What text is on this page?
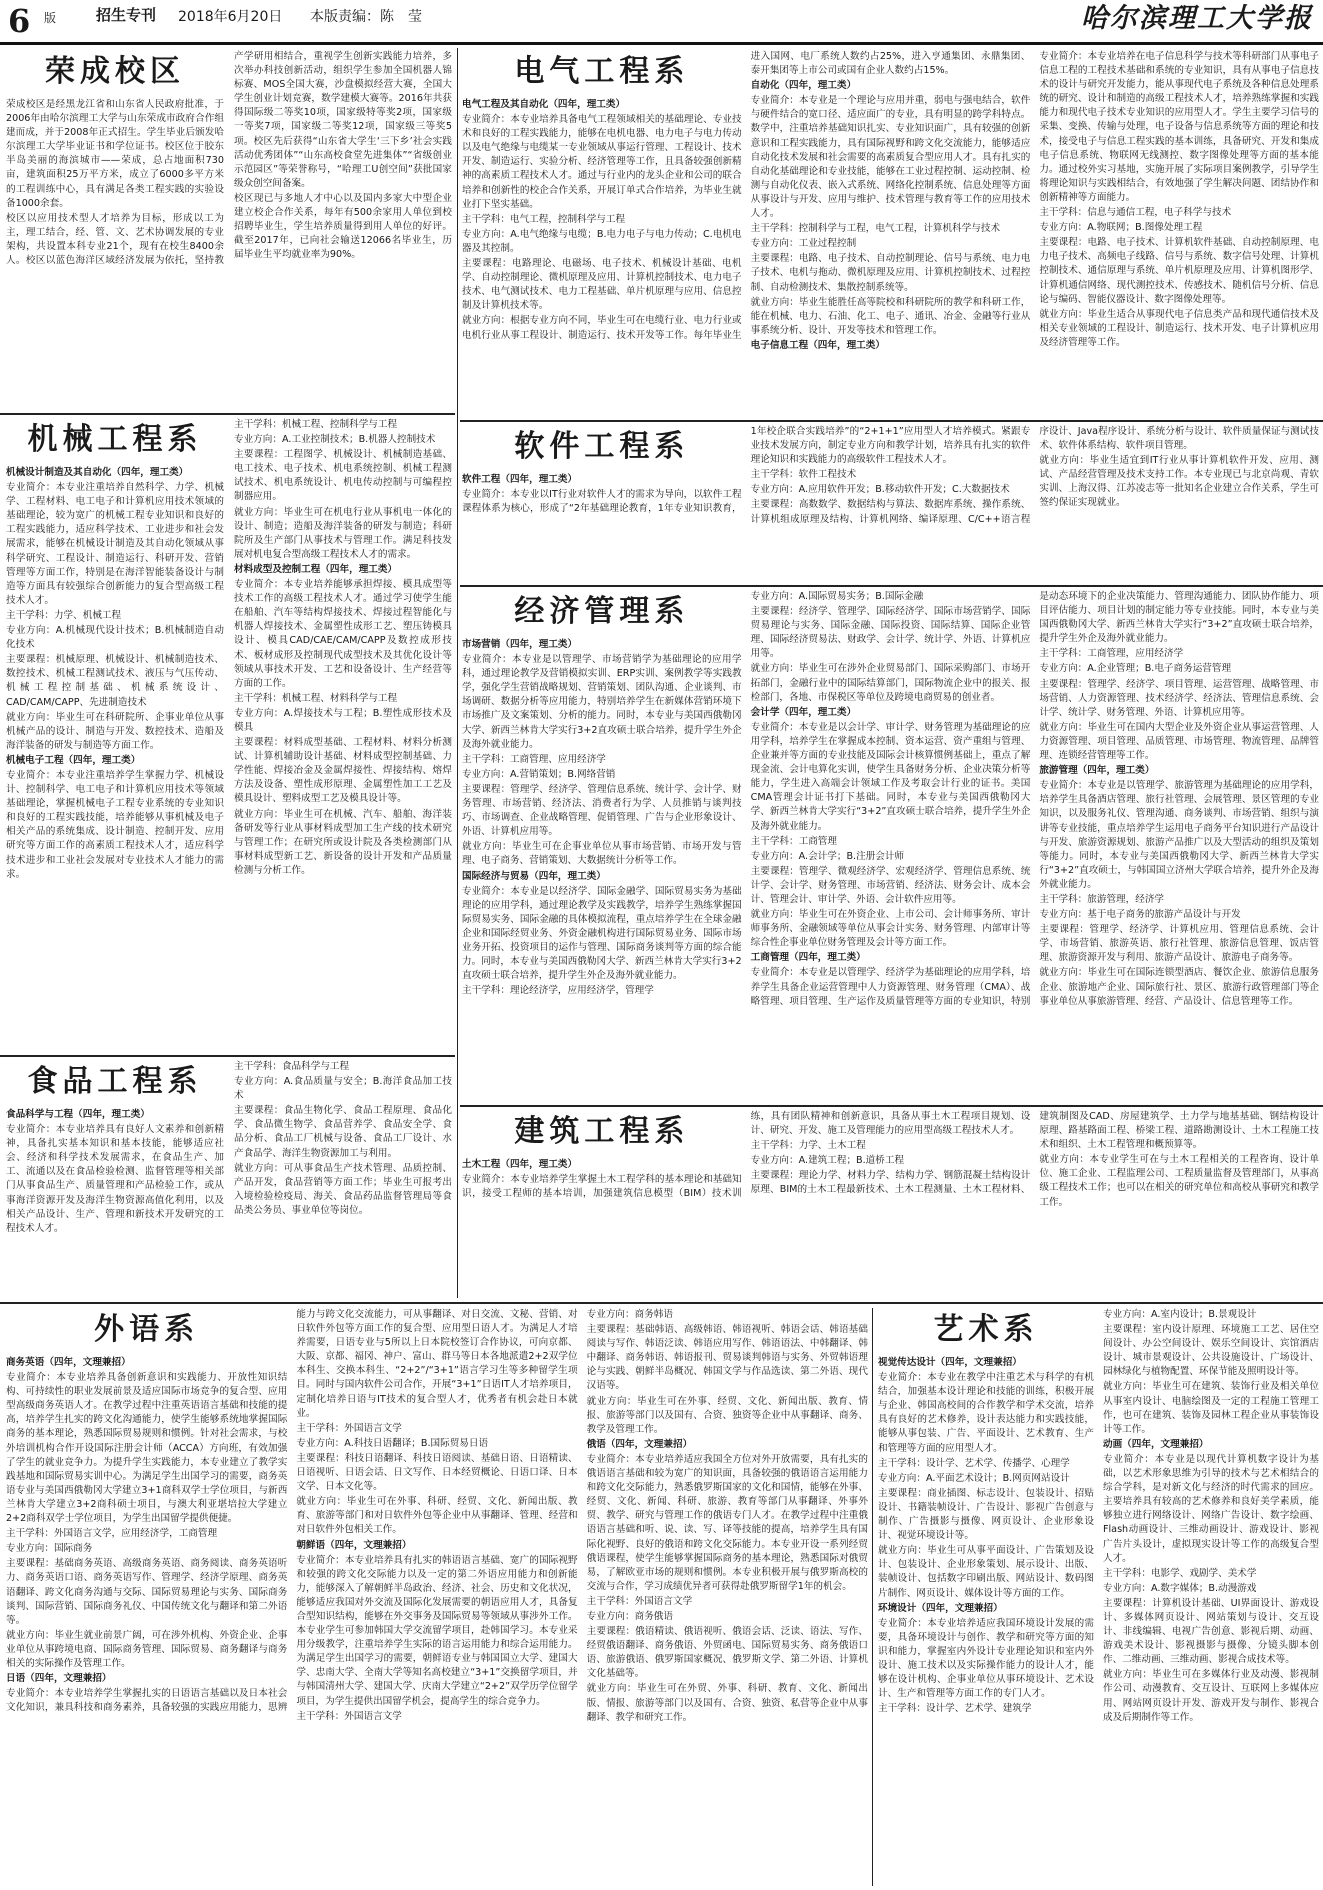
6 版	招生专刊 2018年6月20日 本版责编：陈　莹	哈尔滨理工大学报
荣成校区

荣成校区是经黑龙江省和山东省人民政府批准，于2006年由哈尔滨理工大学与山东荣成市政府合作组建而成，并于2008年正式招生。学生毕业后颁发哈尔滨理工大学毕业证书和学位证书。校区位于胶东半岛美丽的海滨城市——荣成，总占地面积730亩，建筑面积25万平方米，成立了6000多平方米的工程训练中心，具有满足各类工程实践的实验设备1000余套。

校区以应用技术型人才培养为目标，形成以工为主，理工结合，经、管、文、艺术协调发展的专业架构，共设置本科专业21个，现有在校生8400余人。校区以蓝色海洋区域经济发展为依托，坚持教产学研用相结合，重视学生创新实践能力培养，多次举办科技创新活动，组织学生参加全国机器人锦标赛、MOS全国大赛，沙盘模拟经营大赛，全国大学生创业计划竞赛，数学建模大赛等。2016年共获得国际级二等奖10项，国家级特等奖2项，国家级一等奖7项，国家级二等奖12项，国家级三等奖5项。校区先后获得“山东省大学生‘三下乡’社会实践活动优秀团体”“山东高校食堂先进集体”“省级创业示范园区”等荣誉称号，“哈理工U创空间”获批国家级众创空间备案。

校区现已与多地人才中心以及国内多家大中型企业建立校企合作关系，每年有500余家用人单位到校招聘毕业生，学生培养质量得到用人单位的好评。截至2017年，已向社会输送12066名毕业生，历届毕业生平均就业率为90%。

机械工程系

机械设计制造及其自动化（四年，理工类）

专业简介：本专业注重培养自然科学、力学、机械学、工程材料、电工电子和计算机应用技术领域的基础理论，较为宽广的机械工程专业知识和良好的工程实践能力，适应科学技术、工业进步和社会发展需求，能够在机械设计制造及其自动化领域从事科学研究、工程设计、制造运行、科研开发、营销管理等方面工作，特别是在海洋智能装备设计与制造等方面具有较强综合创新能力的复合型高级工程技术人才。

主干学科：力学、机械工程

专业方向：A.机械现代设计技术；B.机械制造自动化技术

主要课程：机械原理、机械设计、机械制造技术、数控技术、机械工程测试技术、液压与气压传动、机械工程控制基础、机械系统设计、CAD/CAM/CAPP、先进制造技术

就业方向：毕业生可在科研院所、企事业单位从事机械产品的设计、制造与开发、数控技术、造船及海洋装备的研发与制造等方面工作。

机械电子工程（四年，理工类）

专业简介：本专业注重培养学生掌握力学、机械设计、控制科学、电工电子和计算机应用技术等领域基础理论，掌握机械电子工程专业系统的专业知识和良好的工程实践技能，培养能够从事机械及电子相关产品的系统集成、设计制造、控制开发、应用研究等方面工作的高素质工程技术人才，适应科学技术进步和工业社会发展对专业技术人才能力的需求。

主干学科：机械工程、控制科学与工程

专业方向：A.工业控制技术；B.机器人控制技术

主要课程：工程图学、机械设计、机械制造基础、电工技术、电子技术、机电系统控制、机械工程测试技术、机电系统设计、机电传动控制与可编程控制器应用。

就业方向：毕业生可在机电行业从事机电一体化的设计、制造；造船及海洋装备的研发与制造；科研院所及生产部门从事技术与管理工作。满足科技发展对机电复合型高级工程技术人才的需求。

材料成型及控制工程（四年，理工类）

专业简介：本专业培养能够承担焊接、模具成型等技术工作的高级工程技术人才。通过学习使学生能在船舶、汽车等结构焊接技术、焊接过程智能化与机器人焊接技术、金属塑性成形工艺、塑压铸模具设计、模具CAD/CAE/CAM/CAPP及数控成形技术、板材成形及控制现代成型技术及其优化设计等领域从事技术开发、工艺和设备设计、生产经营等方面的工作。

主干学科：机械工程、材料科学与工程

专业方向：A.焊接技术与工程；B.塑性成形技术及模具

主要课程：材料成型基础、工程材料、材料分析测试、计算机辅助设计基础、材料成型控制基础、力学性能、焊接冶金及金属焊接性、焊接结构、熔焊方法及设备、塑性成形原理、金属塑性加工工艺及模具设计、塑料成型工艺及模具设计等。

就业方向：毕业生可在机械、汽车、船舶、海洋装备研发等行业从事材料成型加工生产线的技术研究与管理工作；在研究所或设计院及各类检测部门从事材料成型新工艺、新设备的设计开发和产品质量检测与分析工作。

食品工程系

食品科学与工程（四年，理工类）

专业简介：本专业培养具有良好人文素养和创新精神，具备扎实基本知识和基本技能，能够适应社会、经济和科学技术发展需求，在食品生产、加工、流通以及在食品检验检测、监督管理等相关部门从事食品生产、质量管理和产品检验工作，或从事海洋资源开发及海洋生物资源高值化利用，以及相关产品设计、生产、管理和新技术开发研究的工程技术人才。

主干学科：食品科学与工程

专业方向：A.食品质量与安全；B.海洋食品加工技术

主要课程：食品生物化学、食品工程原理、食品化学、食品微生物学、食品营养学、食品安全学、食品分析、食品工厂机械与设备、食品工厂设计、水产食品学、海洋生物资源加工与利用。

就业方向：可从事食品生产技术管理、品质控制、产品开发，食品营销等方面工作；毕业生可报考出入境检验检疫局、海关、食品药品监督管理局等食品类公务员、事业单位等岗位。

电气工程系

电气工程及其自动化（四年，理工类）

专业简介：本专业培养具备电气工程领域相关的基础理论、专业技术和良好的工程实践能力，能够在电机电器、电力电子与电力传动以及电气绝缘与电缆某一专业领域从事运行管理、工程设计、技术开发、制造运行、实验分析、经济管理等工作，且具备较强创新精神的高素质工程技术人才。通过与行业内的龙头企业和公司的联合培养和创新性的校企合作关系，开展订单式合作培养，为毕业生就业打下坚实基础。

主干学科：电气工程，控制科学与工程

专业方向：A.电气绝缘与电缆；B.电力电子与电力传动；C.电机电器及其控制。

主要课程：电路理论、电磁场、电子技术、机械设计基础、电机学、自动控制理论、微机原理及应用、计算机控制技术、电力电子技术、电气测试技术、电力工程基础、单片机原理与应用、信息控制及计算机技术等。

就业方向：根据专业方向不同，毕业生可在电缆行业、电力行业或电机行业从事工程设计、制造运行、技术开发等工作。每年毕业生进入国网、电厂系统人数约占25%，进入亨通集团、永鼎集团、泰开集团等上市公司或国有企业人数约占15%。

自动化（四年，理工类）

专业简介：本专业是一个理论与应用并重，弱电与强电结合，软件与硬件结合的宽口径、适应面广的专业，具有明显的跨学科特点。数学中，注重培养基础知识扎实、专业知识面广，具有较强的创新意识和工程实践能力，具有国际视野和跨文化交流能力，能够适应自动化技术发展和社会需要的高素质复合型应用人才。具有扎实的自动化基础理论和专业技能，能够在工业过程控制、运动控制、检测与自动化仪表、嵌入式系统、网络化控制系统、信息处理等方面从事设计与开发、应用与维护、技术管理与教育等工作的应用技术人才。

主干学科：控制科学与工程，电气工程，计算机科学与技术

专业方向：工业过程控制

主要课程：电路、电子技术、自动控制理论、信号与系统、电力电子技术、电机与拖动、微机原理及应用、计算机控制技术、过程控制、自动检测技术、集散控制系统等。

就业方向：毕业生能胜任高等院校和科研院所的教学和科研工作，能在机械、电力、石油、化工、电子、通讯、冶金、金融等行业从事系统分析、设计、开发等技术和管理工作。

电子信息工程（四年，理工类）

专业简介：本专业培养在电子信息科学与技术等科研部门从事电子信息工程的工程技术基础和系统的专业知识，具有从事电子信息技术的设计与研究开发能力，能从事现代电子系统及各种信息处理系统的研究、设计和制造的高级工程技术人才，培养熟练掌握和实践能力和现代电子技术专业知识的应用型人才。学生主要学习信号的采集、变换、传输与处理，电子设备与信息系统等方面的理论和技术，接受电子与信息工程实践的基本训练，具备研究、开发和集成电子信息系统、物联网无线测控、数字图像处理等方面的基本能力。通过校外实习基地，实施开展了实际项目案例教学，引导学生将理论知识与实践相结合，有效地强了学生解决问题、团结协作和创新精神等方面能力。

主干学科：信息与通信工程，电子科学与技术

专业方向：A.物联网；B.图像处理工程

主要课程：电路、电子技术、计算机软件基础、自动控制原理、电力电子技术、高频电子线路、信号与系统、数字信号处理、计算机控制技术、通信原理与系统、单片机原理及应用、计算机图形学、计算机通信网络、现代测控技术、传感技术、随机信号分析、信息论与编码、智能仪器设计、数字图像处理等。

就业方向：毕业生适合从事现代电子信息类产品和现代通信技术及相关专业领域的工程设计、制造运行、技术开发、电子计算机应用及经济管理等工作。

软件工程系

软件工程（四年，理工类）

专业简介：本专业以IT行业对软件人才的需求为导向，以软件工程课程体系为核心，形成了“2年基础理论教育，1年专业知识教育，1年校企联合实践培养”的“2+1+1”应用型人才培养模式。紧跟专业技术发展方向，制定专业方向和教学计划，培养具有扎实的软件理论知识和实践能力的高级软件工程技术人才。

主干学科：软件工程技术

专业方向：A.应用软件开发；B.移动软件开发；C.大数据技术

主要课程：高数数学、数据结构与算法、数据库系统、操作系统、计算机组成原理及结构、计算机网络、编译原理、C/C++语言程序设计、Java程序设计、系统分析与设计、软件质量保证与测试技术、软件体系结构、软件项目管理。

就业方向：毕业生适宜到IT行业从事计算机软件开发、应用、测试、产品经营管理及技术支持工作。本专业现已与北京尚观、青软实训、上海汉得、江苏凌志等一批知名企业建立合作关系，学生可签约保证实现就业。

经济管理系

市场营销（四年，理工类）

专业简介：本专业是以管理学、市场营销学为基础理论的应用学科，通过理论教学及营销模拟实训、ERP实训、案例教学等实践教学，强化学生营销战略规划、营销策划、团队沟通、企业谈判、市场调研、数据分析等应用能力，特别培养学生在新媒体营销环境下市场推广及文案策划、分析的能力。同时，本专业与美国西俄勒冈大学、新西兰林肯大学实行3+2直攻硕士联合培养，提升学生外企及海外就业能力。

主干学科：工商管理、应用经济学

专业方向：A.营销策划；B.网络营销

主要课程：管理学、经济学、管理信息系统、统计学、会计学、财务管理、市场营销、经济法、消费者行为学、人员推销与谈判技巧、市场调查、企业战略管理、促销管理、广告与企业形象设计、外语、计算机应用等。

就业方向：毕业生可在企事业单位从事市场营销、市场开发与管理、电子商务、营销策划、大数据统计分析等工作。

国际经济与贸易（四年，理工类）

专业简介：本专业是以经济学、国际金融学、国际贸易实务为基础理论的应用学科，通过理论教学及实践教学，培养学生熟练掌握国际贸易实务、国际金融的具体模拟流程，重点培养学生在全球金融企业和国际经贸业务、外资金融机构进行国际贸易业务、国际市场业务开拓、投资项目的运作与管理、国际商务谈判等方面的综合能力。同时，本专业与美国西俄勒冈大学、新西兰林肯大学实行3+2直攻硕士联合培养，提升学生外企及海外就业能力。

主干学科：理论经济学，应用经济学，管理学

专业方向：A.国际贸易实务；B.国际金融

主要课程：经济学、管理学、国际经济学、国际市场营销学、国际贸易理论与实务、国际金融、国际投资、国际结算、国际企业管理、国际经济贸易法、财政学、会计学、统计学、外语、计算机应用等。

就业方向：毕业生可在涉外企业贸易部门、国际采购部门、市场开拓部门，金融行业中的国际结算部门，国际物流企业中的报关、报检部门，各地、市保税区等单位及跨境电商贸易的创业者。

会计学（四年，理工类）

专业简介：本专业是以会计学、审计学、财务管理为基础理论的应用学科，培养学生在掌握成本控制、资本运营、资产重组与管理、企业兼并等方面的专业技能及国际会计核算惯例基础上，重点了解现金流、会计电算化实训，使学生具备财务分析、企业决策分析等能力，学生进入高端会计领域工作及考取会计行业的证书。美国CMA管理会计证书打下基础。同时，本专业与美国西俄勒冈大学、新西兰林肯大学实行“3+2”直攻硕士联合培养，提升学生外企及海外就业能力。

主干学科：工商管理

专业方向：A.会计学；B.注册会计师

主要课程：管理学、微观经济学、宏观经济学、管理信息系统、统计学、会计学、财务管理、市场营销、经济法、财务会计、成本会计、管理会计、审计学、外语、会计软件应用等。

就业方向：毕业生可在外资企业、上市公司、会计师事务所、审计师事务所、金融领域等单位从事会计实务、财务管理、内部审计等综合性企事业单位财务管理及会计等方面工作。

工商管理（四年，理工类）

专业简介：本专业是以管理学、经济学为基础理论的应用学科，培养学生具备企业运营管理中人力资源管理、财务管理（CMA）、战略管理、项目管理、生产运作及质量管理等方面的专业知识，特别是动态环境下的企业决策能力、管理沟通能力、团队协作能力、项目评估能力、项目计划的制定能力等专业技能。同时，本专业与美国西俄勒冈大学、新西兰林肯大学实行“3+2”直攻硕士联合培养，提升学生外企及海外就业能力。

主干学科：工商管理，应用经济学

专业方向：A.企业管理；B.电子商务运营管理

主要课程：管理学、经济学、项目管理、运营管理、战略管理、市场营销、人力资源管理、技术经济学、经济法、管理信息系统、会计学、统计学、财务管理、外语、计算机应用等。

就业方向：毕业生可在国内大型企业及外资企业从事运营管理、人力资源管理、项目管理、品质管理、市场管理、物流管理、品牌管理、连锁经营管理等工作。

旅游管理（四年，理工类）

专业简介：本专业是以管理学、旅游管理为基础理论的应用学科，培养学生具备酒店管理、旅行社管理、会展管理、景区管理的专业知识，以及服务礼仪、管理沟通、商务谈判、市场营销、组织与演讲等专业技能，重点培养学生运用电子商务平台知识进行产品设计与开发、旅游资源规划、旅游产品推广以及大型活动的组织及策划等能力。同时，本专业与美国西俄勒冈大学、新西兰林肯大学实行“3+2”直攻硕士，与韩国国立济州大学联合培养，提升外企及海外就业能力。

主干学科：旅游管理，经济学

专业方向：基于电子商务的旅游产品设计与开发

主要课程：管理学、经济学、计算机应用、管理信息系统、会计学、市场营销、旅游英语、旅行社管理、旅游信息管理、饭店管理、旅游资源开发与利用、旅游产品设计、旅游电子商务等。

就业方向：毕业生可在国际连锁型酒店、餐饮企业、旅游信息服务企业、旅游地产企业、国际旅行社、景区、旅游行政管理部门等企事业单位从事旅游管理、经营、产品设计、信息管理等工作。

建筑工程系

土木工程（四年，理工类）

专业简介：本专业培养学生掌握土木工程学科的基本理论和基础知识，接受工程师的基本培训，加强建筑信息模型（BIM）技术训练，具有团队精神和创新意识，具备从事土木工程项目规划、设计、研究、开发、施工及管理能力的应用型高级工程技术人才。

主干学科：力学、土木工程

专业方向：A.建筑工程；B.道桥工程

主要课程：理论力学、材料力学、结构力学、钢筋混凝土结构设计原理、BIM的土木工程最新技术、土木工程测量、土木工程材料、建筑制图及CAD、房屋建筑学、土力学与地基基础、钢结构设计原理、路基路面工程、桥梁工程、道路勘测设计、土木工程施工技术和组织、土木工程管理和概预算等。

就业方向：本专业学生可在与土木工程相关的工程咨询、设计单位、施工企业、工程监理公司、工程质量监督及管理部门，从事高级工程技术工作；也可以在相关的研究单位和高校从事研究和教学工作。

外语系

商务英语（四年，文理兼招）

专业简介：本专业培养具备创新意识和实践能力、开放性知识结构、可持续性的职业发展前景及适应国际市场竞争的复合型、应用型高级商务英语人才。在教学过程中注重英语语言基础和技能的提高，培养学生扎实的跨文化沟通能力，使学生能够系统地掌握国际商务的基本理论，熟悉国际贸易规则和惯例。针对社会需求，与校外培训机构合作开设国际注册会计师（ACCA）方向班，有效加强了学生的就业竞争力。为提升学生实践能力，本专业建立了教学实践基地和国际贸易实训中心。为满足学生出国学习的需要，商务英语专业与美国西俄勒冈大学建立3+1商科双学士学位项目，与新西兰林肯大学建立3+2商科硕士项目，与澳大利亚堪培拉大学建立2+2商科双学士学位项目，为学生出国留学提供便捷。

主干学科：外国语言文学，应用经济学，工商管理

专业方向：国际商务

主要课程：基础商务英语、高级商务英语、商务阅读、商务英语听力、商务英语口语、商务英语写作、管理学、经济学原理、商务英语翻译、跨文化商务沟通与交际、国际贸易理论与实务、国际商务谈判、国际营销、国际商务礼仪、中国传统文化与翻译和第二外语等。

就业方向：毕业生就业前景广阔，可在涉外机构、外资企业、企事业单位从事跨境电商、国际商务管理、国际贸易、商务翻译与商务相关的实际操作及管理工作。

日语（四年，文理兼招）

专业简介：本专业培养学生掌握扎实的日语语言基础以及日本社会文化知识，兼具科技和商务素养，具备较强的实践应用能力，思辨能力与跨文化交流能力，可从事翻译、对日交流、文秘、营销、对日软件外包等方面工作的复合型、应用型日语人才。为满足人才培养需要，日语专业与5所以上日本院校签订合作协议，可向京都、大阪、京都、福冈、神户、富山、群马等日本各地派遣2+2双学位本科生、交换本科生、“2+2”/“3+1”语言学习生等多种留学生项目。同时与国内软件公司合作，开展“3+1”日语IT人才培养项目，定制化培养日语与IT技术的复合型人才，优秀者有机会赴日本就业。

主干学科：外国语言文学

专业方向：A.科技日语翻译；B.国际贸易日语

主要课程：科技日语翻译、科技日语阅读、基础日语、日语精读、日语视听、日语会话、日文写作、日本经贸概论、日语口译、日本文学、日本文化等。

就业方向：毕业生可在外事、科研、经贸、文化、新闻出版、教育、旅游等部门和对日软件外包等企业中从事翻译、管理、经营和对日软件外包相关工作。

朝鲜语（四年，文理兼招）

专业简介：本专业培养具有扎实的韩语语言基础、宽广的国际视野和较强的跨文化交际能力以及一定的第二外语应用能力和创新能力，能够深入了解朝鲜半岛政治、经济、社会、历史和文化状况，能够适应我国对外交流及国际化发展需要的朝语应用人才，具备复合型知识结构，能够在外交事务及国际贸易等领域从事涉外工作。本专业学生可参加韩国大学交流留学项目，赴韩国学习。本专业采用分级教学，注重培养学生实际的语言运用能力和综合运用能力。为满足学生出国学习的需要，朝鲜语专业与韩国国立大学、建国大学、忠南大学、全南大学等知名高校建立“3+1”交换留学项目，并与韩国清州大学、建国大学、庆南大学建立“2+2”双学历学位留学项目，为学生提供出国留学机会，提高学生的综合竞争力。

主干学科：外国语言文学

专业方向：商务韩语

主要课程：基础韩语、高级韩语、韩语视听、韩语会话、韩语基础阅读与写作、韩语泛读、韩语应用写作、韩语语法、中韩翻译、韩中翻译、商务韩语、韩语报刊、贸易谈判韩语与实务、外贸韩语理论与实践、朝鲜半岛概况、韩国文学与作品选读、第二外语、现代汉语等。

就业方向：毕业生可在外事、经贸、文化、新闻出版、教育、情报、旅游等部门以及国有、合资、独资等企业中从事翻译、商务、教学及管理工作。

俄语（四年，文理兼招）

专业简介：本专业培养适应我国全方位对外开放需要，具有扎实的俄语语言基础和较为宽广的知识面，具备较强的俄语语言运用能力和跨文化交际能力，熟悉俄罗斯国家的文化和国情，能够在外事、经贸、文化、新闻、科研、旅游、教育等部门从事翻译、外事外贸、教学、研究与管理工作的俄语专门人才。在教学过程中注重俄语语言基础和听、说、读、写、译等技能的提高，培养学生具有国际化视野、良好的俄语和跨文化交际能力。本专业开设一系列经贸俄语课程，使学生能够掌握国际商务的基本理论，熟悉国际对俄贸易，了解欧亚市场的规则和惯例。本专业积极开展与俄罗斯高校的交流与合作，学习成绩优异者可获得赴俄罗斯留学1年的机会。

主干学科：外国语言文学

专业方向：商务俄语

主要课程：俄语精读、俄语视听、俄语会话、泛读、语法、写作、经贸俄语翻译、商务俄语、外贸函电、国际贸易实务、商务俄语口语、旅游俄语、俄罗斯国家概况、俄罗斯文学、第二外语、计算机文化基础等。

就业方向：毕业生可在外贸、外事、科研、教育、文化、新闻出版、情报、旅游等部门以及国有、合资、独资、私营等企业中从事翻译、教学和研究工作。

艺术系

视觉传达设计（四年，文理兼招）

专业简介：本专业在教学中注重艺术与科学的有机结合，加强基本设计理论和技能的训练，积极开展与企业、韩国高校间的合作教学和学术交流，培养具有良好的艺术修养，设计表达能力和实践技能，能够从事包装、广告、平面设计、艺术教育、生产和管理等方面的应用型人才。

主干学科：设计学、艺术学、传播学、心理学

专业方向：A.平面艺术设计；B.网页网站设计

主要课程：商业插图、标志设计、包装设计、招贴设计、书籍装帧设计、广告设计、影视广告创意与制作、广告摄影与摄像、网页设计、企业形象设计、视觉环境设计等。

就业方向：毕业生可从事平面设计、广告策划及设计、包装设计、企业形象策划、展示设计、出版、装帧设计、包括数字印刷出版、网站设计、数码图片制作、网页设计、媒体设计等方面的工作。

环境设计（四年，文理兼招）

专业简介：本专业培养适应我国环境设计发展的需要，具备环境设计与创作、教学和研究等方面的知识和能力，掌握室内外设计专业理论知识和室内外设计、施工技术以及实际操作能力的设计人才，能够在设计机构、企事业单位从事环境设计、艺术设计、生产和管理等方面工作的专门人才。

主干学科：设计学、艺术学、建筑学

专业方向：A.室内设计；B.景观设计

主要课程：室内设计原理、环境施工工艺、居住空间设计、办公空间设计、娱乐空间设计、宾馆酒店设计、城市景观设计、公共设施设计、广场设计、园林绿化与植物配置、环保节能及照明设计等。

就业方向：毕业生可在建筑、装饰行业及相关单位从事室内设计、电脑绘图及一定的工程施工管理工作，也可在建筑、装饰及园林工程企业从事装饰设计等工作。

动画（四年，文理兼招）

专业简介：本专业是以现代计算机数字设计为基础，以艺术形象思维为引导的技术与艺术相结合的综合学科，是对新文化与经济的时代需求的回应。主要培养具有较高的艺术修养和良好美学素质，能够独立进行网络设计、网络广告设计、数字绘画、Flash动画设计、三维动画设计、游戏设计、影视广告片头设计，虚拟现实设计等工作的高级复合型人才。

主干学科：电影学、戏剧学、美术学

专业方向：A.数字媒体；B.动漫游戏

主要课程：计算机设计基础、UI界面设计、游戏设计、多媒体网页设计、网站策划与设计、交互设计、非线编辑、电视广告创意、影视后期、动画、游戏美术设计、影视摄影与摄像、分镜头脚本创作、二维动画、三维动画、影视合成技术等。

就业方向：毕业生可在多媒体行业及动漫、影视制作公司、动漫教育、交互设计、互联网上多媒体应用、网站网页设计开发、游戏开发与制作、影视合成及后期制作等工作。
